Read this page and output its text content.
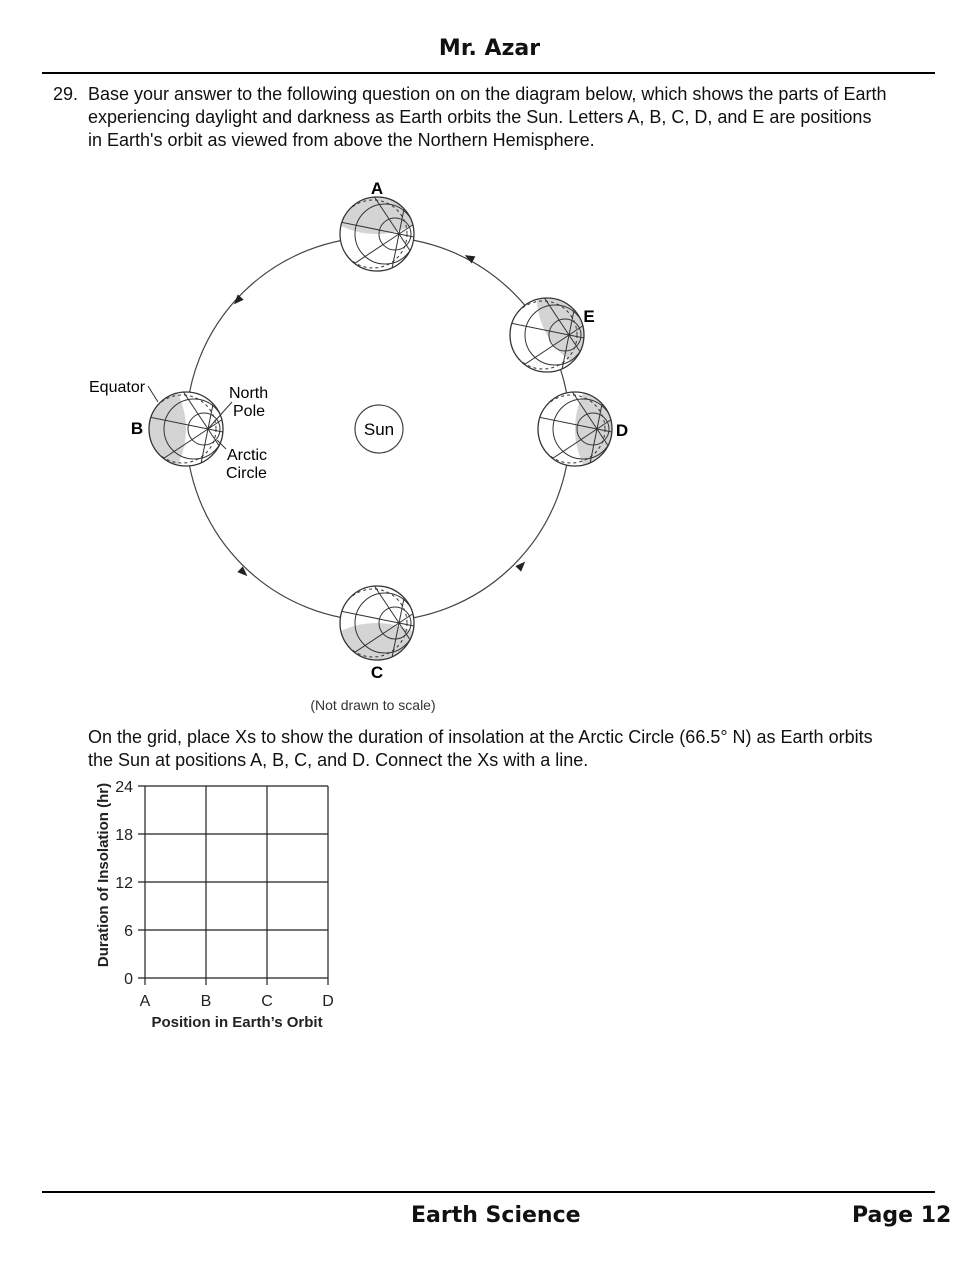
Mr. Azar
29. Base your answer to the following question on on the diagram below, which shows the parts of Earth experiencing daylight and darkness as Earth orbits the Sun. Letters A, B, C, D, and E are positions in Earth's orbit as viewed from above the Northern Hemisphere.
Sun
A
B
C
D
E
Equator	North
Pole
Arctic
Circle
(Not drawn to scale)
On the grid, place Xs to show the duration of insolation at the Arctic Circle (66.5° N) as Earth orbits the Sun at positions A, B, C, and D. Connect the Xs with a line.
0
6
12
18
24
A	B	C	D
Duration of Insolation (hr)
Position in Earth’s Orbit
Earth Science	Page 12
